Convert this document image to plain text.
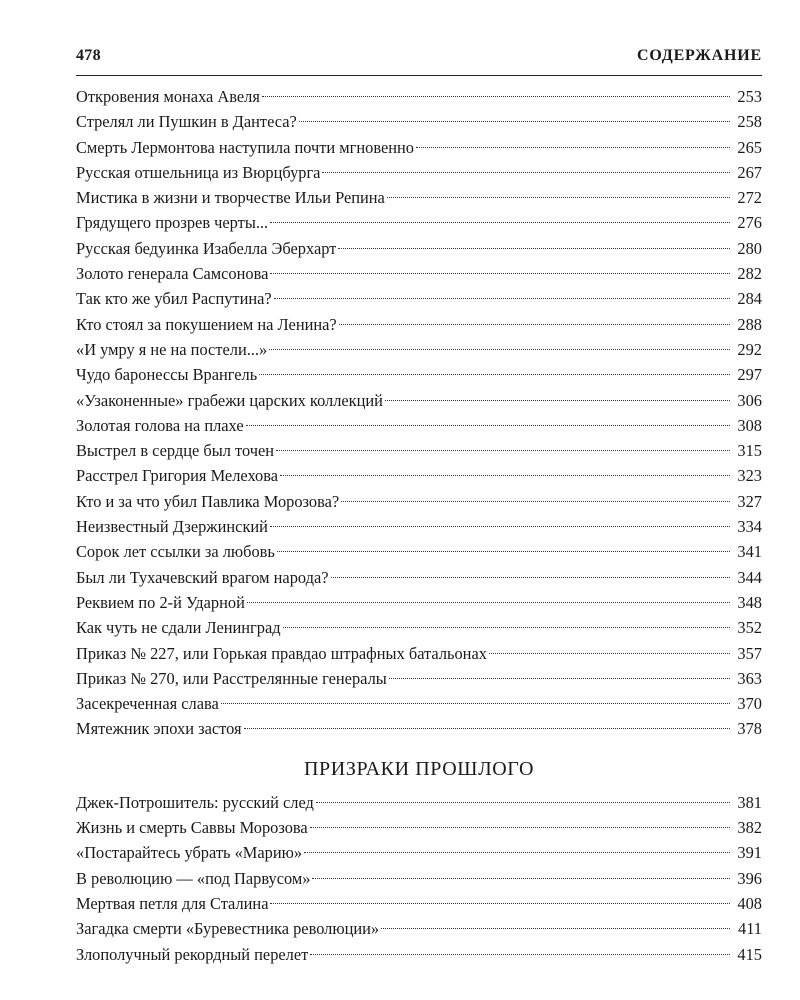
478	СОДЕРЖАНИЕ
Откровения монаха Авеля	253
Стрелял ли Пушкин в Дантеса?	258
Смерть Лермонтова наступила почти мгновенно	265
Русская отшельница из Вюрцбурга	267
Мистика в жизни и творчестве Ильи Репина	272
Грядущего прозрев черты...	276
Русская бедуинка Изабелла Эберхарт	280
Золото генерала Самсонова	282
Так кто же убил Распутина?	284
Кто стоял за покушением на Ленина?	288
«И умру я не на постели...»	292
Чудо баронессы Врангель	297
«Узаконенные» грабежи царских коллекций	306
Золотая голова на плахе	308
Выстрел в сердце был точен	315
Расстрел Григория Мелехова	323
Кто и за что убил Павлика Морозова?	327
Неизвестный Дзержинский	334
Сорок лет ссылки за любовь	341
Был ли Тухачевский врагом народа?	344
Реквием по 2-й Ударной	348
Как чуть не сдали Ленинград	352
Приказ № 227, или Горькая правдао штрафных батальонах	357
Приказ № 270, или Расстрелянные генералы	363
Засекреченная слава	370
Мятежник эпохи застоя	378
ПРИЗРАКИ ПРОШЛОГО
Джек-Потрошитель: русский след	381
Жизнь и смерть Саввы Морозова	382
«Постарайтесь убрать «Марию»	391
В революцию — «под Парвусом»	396
Мертвая петля для Сталина	408
Загадка смерти «Буревестника революции»	411
Злополучный рекордный перелет	415
